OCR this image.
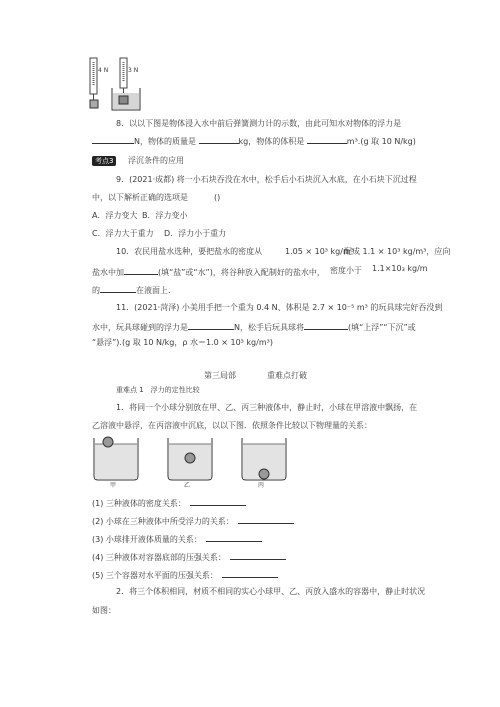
4 N	3 N
8．以以下图是物体浸入水中前后弹簧测力计的示数，由此可知水对物体的浮力是
N，物体的质量是	kg，物体的体积是	m³.(g 取 10 N/kg)
考点3	浮沉条件的应用
9．(2021·成都) 将一小石块吞没在水中，松手后小石块沉入水底，在小石块下沉过程
中，以下解析正确的选项是	()
A．浮力变大 B．浮力变小
C．浮力大于重力 D．浮力小于重力
10．农民用盐水选种，要把盐水的密度从	1.05 × 10³ kg/m³
配成 1.1 × 10³ kg/m³，应向
盐水中加	(填“盐”或“水”)，将谷种放入配制好的盐水中， 密度小于 1.1×10₃ kg/m
的	在液面上.
11．(2021·菏泽) 小美用手把一个重为 0.4 N、体积是 2.7 × 10⁻⁵ m³ 的玩具球完好吞没到
水中，玩具球碰到的浮力是	N，松手后玩具球将	(填“上浮”“下沉”或
“悬浮”).(g 取 10 N/kg，ρ 水＝1.0 × 10³ kg/m³)
第三局部	重难点打破
重难点 1　浮力的定性比较
1．将同一个小球分别放在甲、乙、丙三种液体中，静止时，小球在甲溶液中飘扬，在
乙溶液中悬浮，在丙溶液中沉底，以以下图．依照条件比较以下物理量的关系：
甲	乙	丙
(1) 三种液体的密度关系：
(2) 小球在三种液体中所受浮力的关系：
(3) 小球排开液体质量的关系：
(4) 三种液体对容器底部的压强关系：
(5) 三个容器对水平面的压强关系：
2．将三个体积相同，材质不相同的实心小球甲、乙、丙放入盛水的容器中，静止时状况
如图：
